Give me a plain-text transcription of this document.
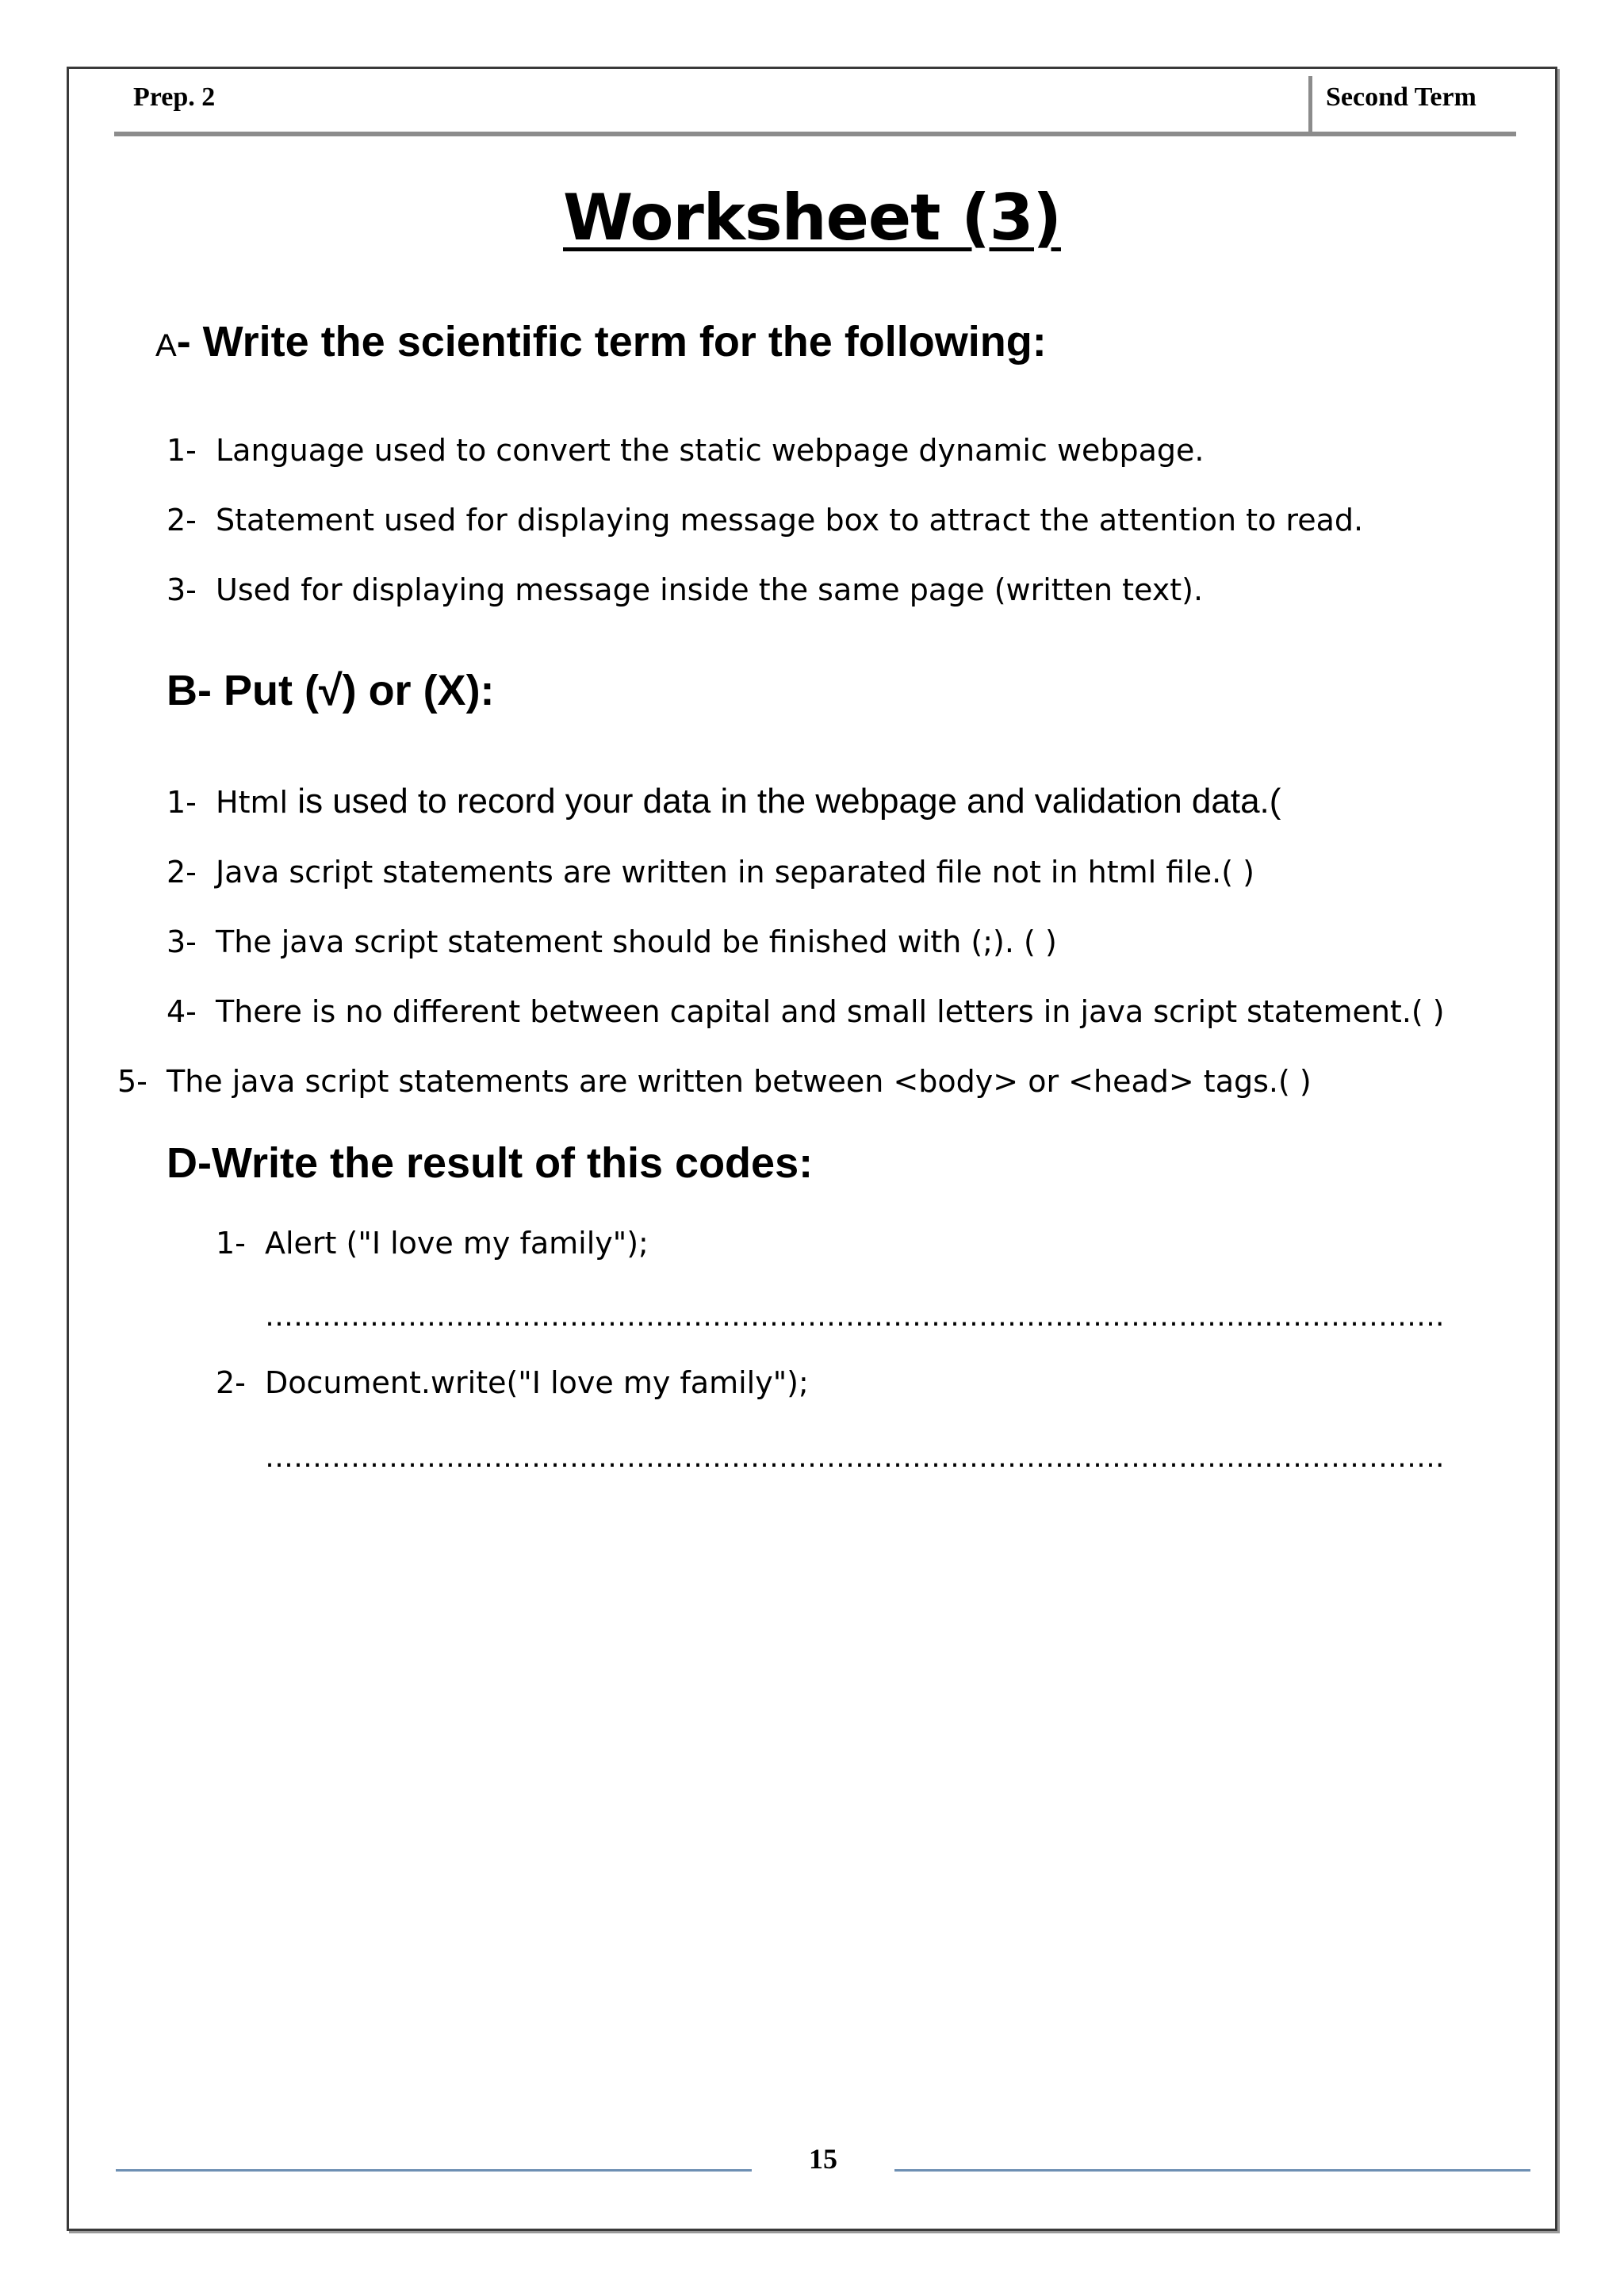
Prep. 2	Second Term
Worksheet (3)
A- Write the scientific term for the following:
1- Language used to convert the static webpage dynamic webpage.
2- Statement used for displaying message box to attract the attention to read.
3- Used for displaying message inside the same page (written text).
B- Put (√) or (X):
1- Html is used to record your data in the webpage and validation data.(
2- Java script statements are written in separated file not in html file.( )
3- The java script statement should be finished with (;). ( )
4- There is no different between capital and small letters in java script statement.( )
5- The java script statements are written between <body> or <head> tags.( )
D-Write the result of this codes:
1- Alert ("I love my family");
…………………………………………………………………………………………………………….
2- Document.write("I love my family");
…………………………………………………………………………………………………………….
15
